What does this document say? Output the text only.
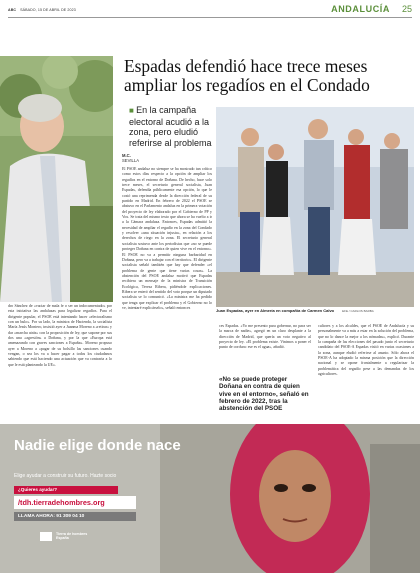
ABC SÁBADO, 15 DE ABRIL DE 2023	ANDALUCÍA 25
dro Sánchez de «vaciar de mala fe o ser un indocumentado» por esta iniciativa las andaluzas para legalizar regadíos. Para el dirigente popular, el PSOE está intentando hacer «electoralismo con un bulo». Por su lado, la ministra de Hacienda, la socialista María Jesús Montero, insistió ayer a Juanma Moreno a «retirar» y dar «marcha atrás» con la proposición de ley, que supone por sus dos una «agresión» a Doñana, y por la que «Europa está amenazando con graves sanciones a España». Moreno propuso ayer a Moreno a «pagar de su bolsillo las sanciones cuando vengan, o sea los va a hacer pagar a todos los ciudadanos sabiendo que está haciendo una actuación que va contraria a lo que le está planteando la UE».
Espadas defendió hace trece meses ampliar los regadíos en el Condado
■ En la campaña electoral acudió a la zona, pero eludió referirse al problema
M.C.
SEVILLA
El PSOE andaluz no siempre se ha mostrado tan crítico como estos días respecto a la opción de ampliar los regadíos en el entorno de Doñana. De hecho, hace solo trece meses, el secretario general socialista, Juan Espadas, defendía públicamente esa opción, lo que le costó una reprimenda desde la dirección federal de su partido en Madrid. En febrero de 2022 el PSOE se abstuvo en el Parlamento andaluz en la primera votación del proyecto de ley elaborado por el Gobierno de PP y Vox. Se trata del mismo texto que ahora se ha vuelto a ir a la Cámara andaluza. Entonces, Espadas admitió la necesidad de ampliar el regadío en la zona del Condado y resolver «una situación injusta», en relación a los derechos de riego en la zona. El secretario general socialista sostuvo ante los periodistas que «no se puede proteger Doñana en contra de quien vive en el entorno». El PSOE no va a permitir ninguna barbaridad en Doñana, pero va a trabajar con el territorio». El dirigente socialista señaló también que hay que defender «el problema de gente que tiene varias cosas». La abstención del PSOE andaluz motivó que Espadas recibiera un mensaje de la ministra de Transición Ecológica, Teresa Ribera, pidiéndole explicaciones. Ribera se enteró del sentido del voto porque un diputado socialista se lo comunicó. «La ministra me ha pedido que tenga que explicar el problema y el Gobierno no lo ve, intentaré explicárselo», señaló entonces
Juan Espadas, ayer en Almería en compañía de Carmen Calvo	EFE / CARLOS BARBA
ces Espadas. «Yo me presento para gobernar, no para ser la marca de nadie», agregó en un claro desplante a la dirección de Madrid, que quería un voto negativo al proyecto de ley. «El problema existe. Vinimos a poner el punto de cordura: ese es el agua», añadió.
«No se puede proteger Doñana en contra de quien vive en el entorno», señaló en febrero de 2022, tras la abstención del PSOE
cultores y a los alcaldes, que el PSOE de Andalucía y su personalmente va a más a estar en la solución del problema, que no lo dance la mejor a los nómadas», explicó. Durante la campaña de las elecciones del pasado junio el secretario candidato del PSOE-A Espadas visitó en varias ocasiones a la zona, aunque eludió referirse al asunto. Sólo ahora el PSOE-A ha adoptado la misma posición que la dirección nacional y se opone frontalmente a regularizar la problemática del regadío pese a las demandas de los agricultores.
Nadie elige donde nace
Elige ayudar a construir su futuro. Hazte socio
¿Quieres ayudar?
/tdh.tierradehombres.org
LLAMA AHORA: 91 309 04 10
Tierra de hombres España
